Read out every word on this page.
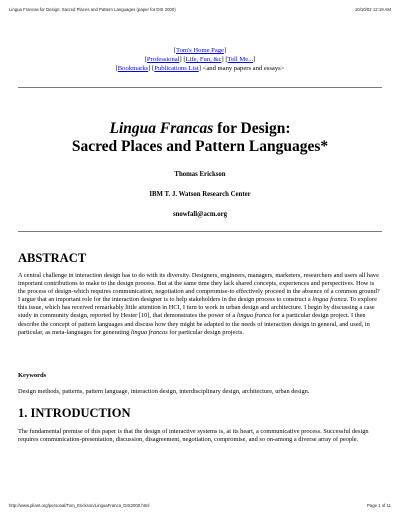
Lingua Francas for Design: Sacred Places and Pattern Languages (paper for DIS 2000)	10/10/02 12:19 AM
[Tom's Home Page]
[Professional] [Life, Fun, &c] [Tell Me...]
[Bookmarks] [Publications List] <and many papers and essays>
Lingua Francas for Design:
Sacred Places and Pattern Languages*
Thomas Erickson
IBM T. J. Watson Research Center
snowfall@acm.org
ABSTRACT
A central challenge in interaction design has to do with its diversity. Designers, engineers, managers, marketers, researchers and users all have important contributions to make to the design process. But at the same time they lack shared concepts, experiences and perspectives. How is the process of design-which requires communication, negotiation and compromise-to effectively proceed in the absence of a common ground? I argue that an important role for the interaction designer is to help stakeholders in the design process to construct a lingua franca. To explore this issue, which has received remarkably little attention in HCI, I turn to work in urban design and architecture. I begin by discussing a case study in community design, reported by Hester [10], that demonstrates the power of a lingua franca for a particular design project. I then describe the concept of pattern languages and discuss how they might be adapted to the needs of interaction design in general, and used, in particular, as meta-languages for generating lingua francas for particular design projects.
Keywords
Design methods, patterns, pattern language, interaction design, interdisciplinary design, architecture, urban design.
1. INTRODUCTION
The fundamental premise of this paper is that the design of interactive systems is, at its heart, a communicative process. Successful design requires communication-presentation, discussion, disagreement, negotiation, compromise, and so on-among a diverse array of people.
http://www.pliant.org/personal/Tom_Erickson/LinguaFranca_DIS2000.html	Page 1 of 11
